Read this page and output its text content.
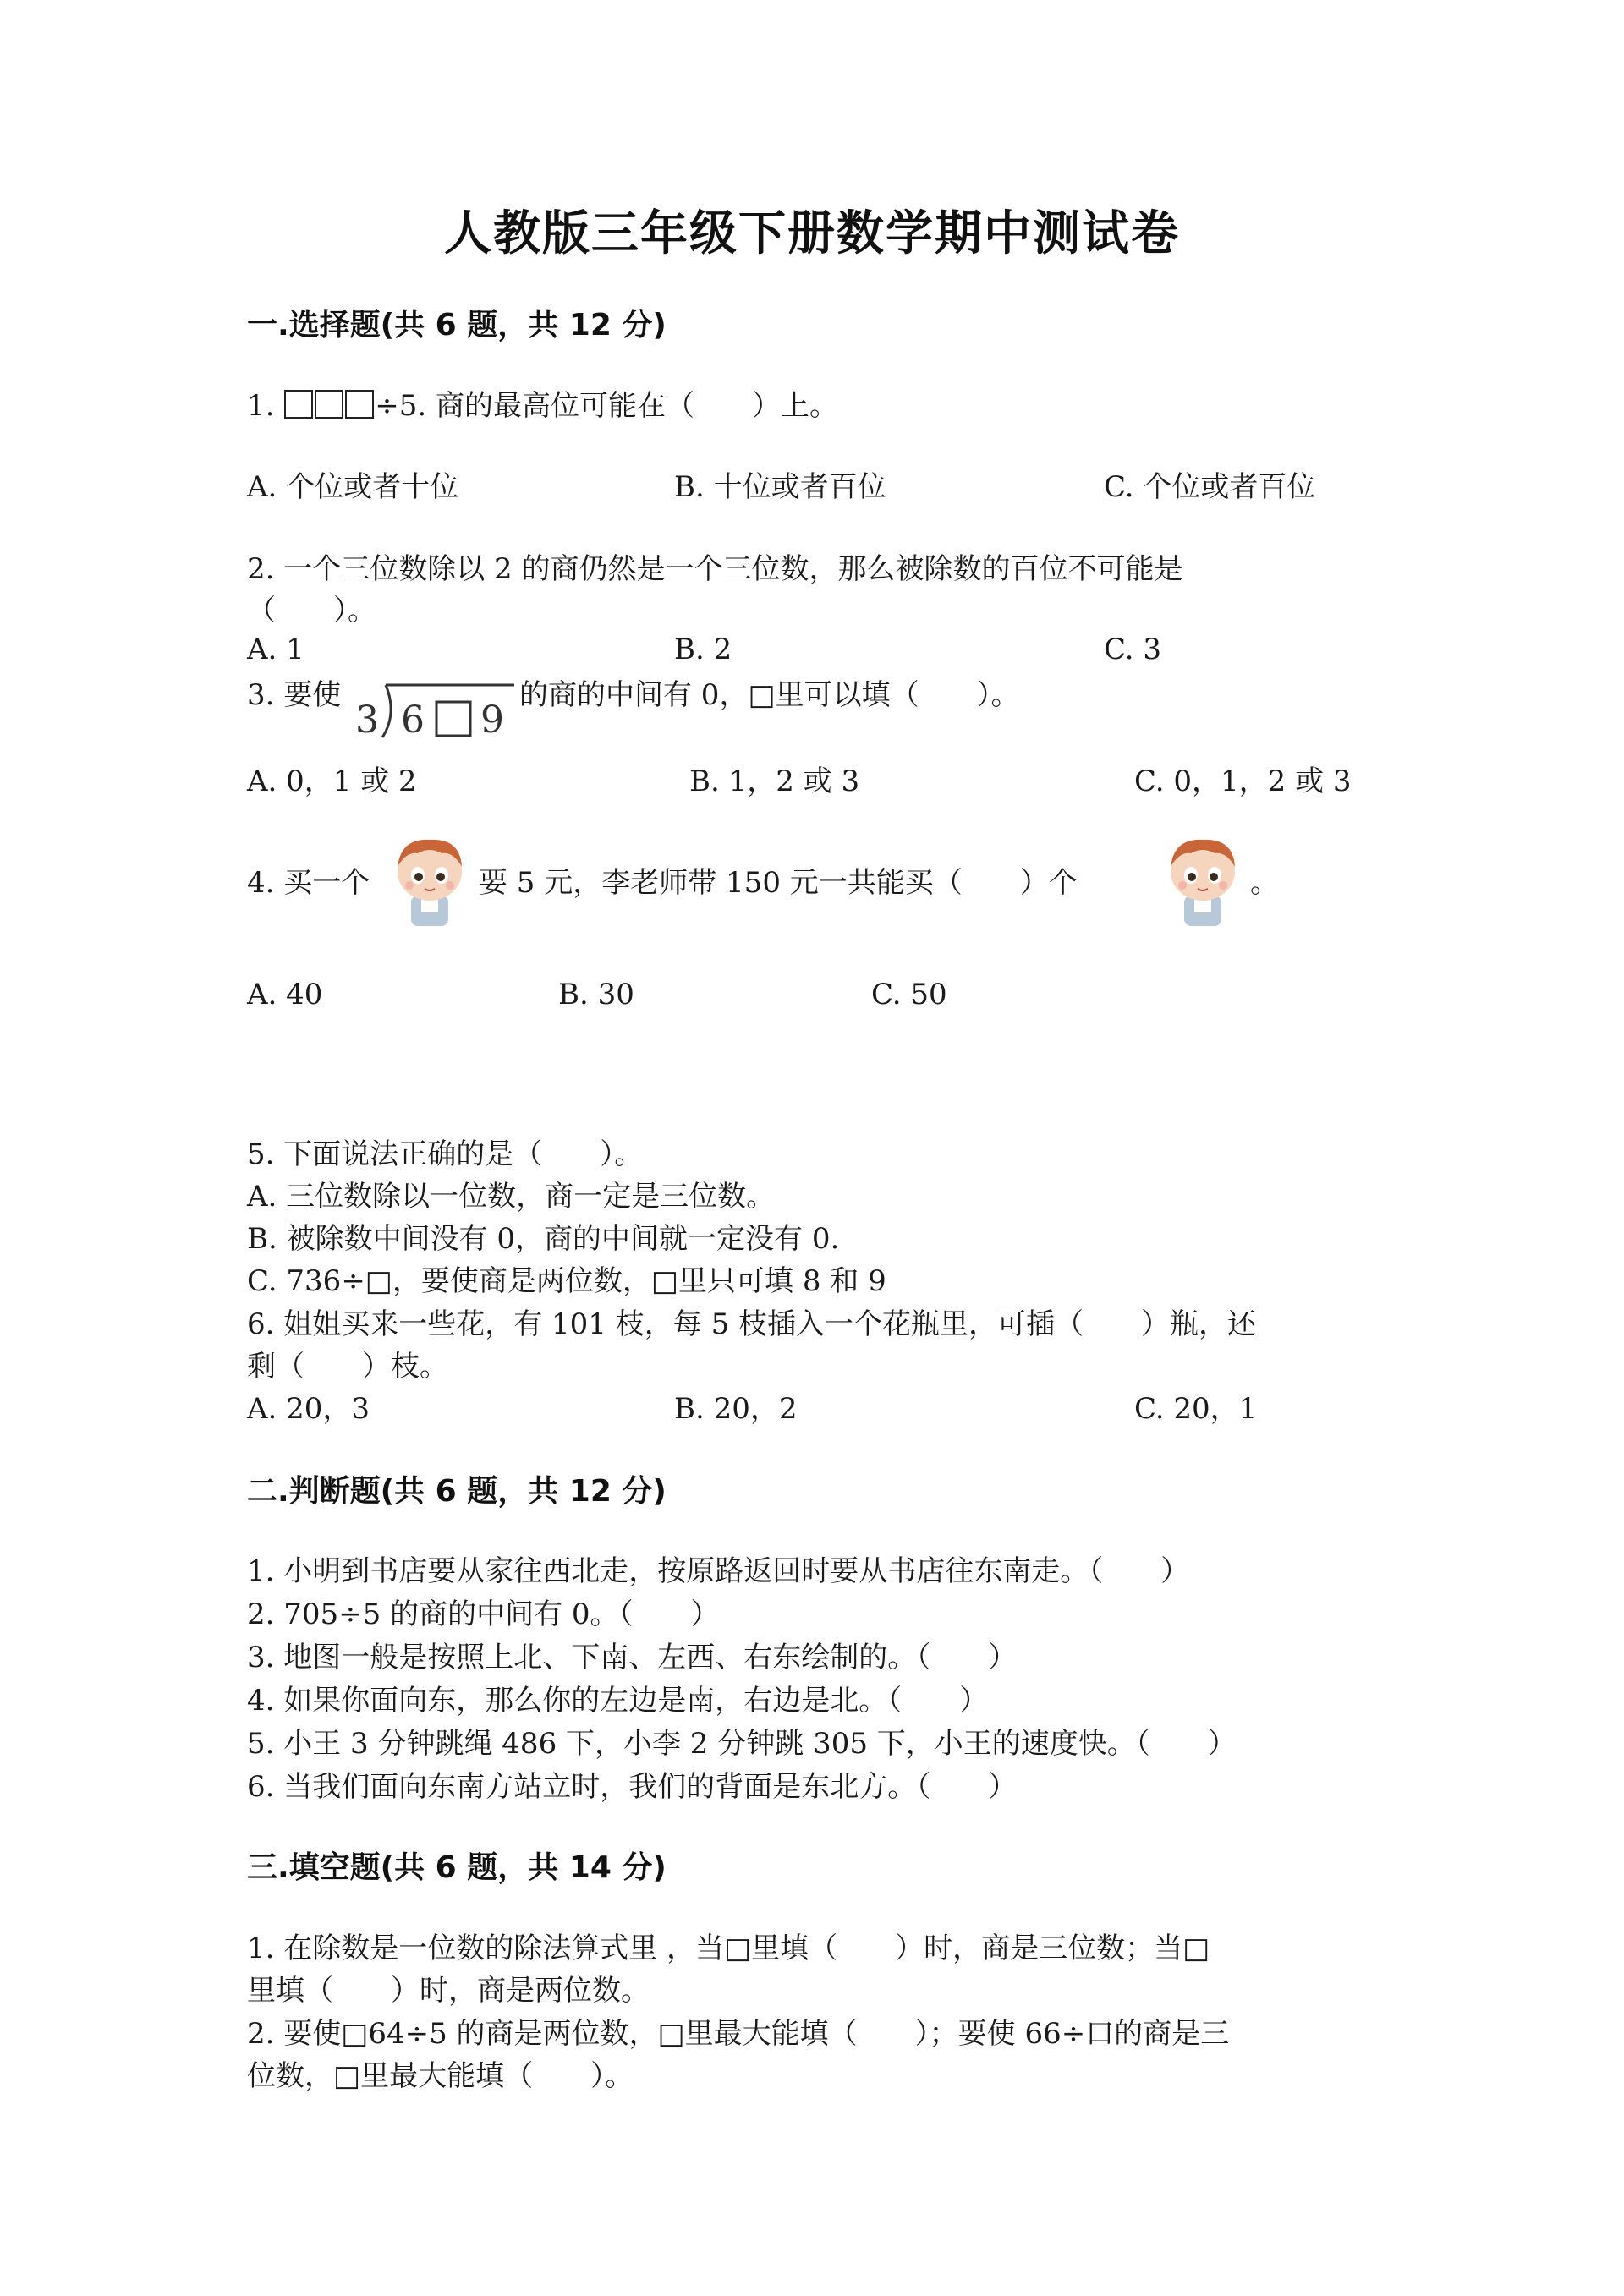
人教版三年级下册数学期中测试卷
一.选择题(共 6 题，共 12 分)
1.	÷5. 商的最高位可能在（　　）上。
A. 个位或者十位	B. 十位或者百位	C. 个位或者百位
2. 一个三位数除以 2 的商仍然是一个三位数，那么被除数的百位不可能是
（　　）。
A. 1	B. 2	C. 3
3. 要使
3 6 9
的商的中间有 0，□里可以填（　　）。
A. 0，1 或 2	B. 1，2 或 3	C. 0，1，2 或 3
4. 买一个	要 5 元，李老师带 150 元一共能买（　　）个	。
A. 40	B. 30	C. 50
5. 下面说法正确的是（　　）。
A. 三位数除以一位数，商一定是三位数。
B. 被除数中间没有 0，商的中间就一定没有 0.
C. 736÷□，要使商是两位数，□里只可填 8 和 9
6. 姐姐买来一些花，有 101 枝，每 5 枝插入一个花瓶里，可插（　　）瓶，还
剩（　　）枝。
A. 20，3	B. 20，2	C. 20，1
二.判断题(共 6 题，共 12 分)
1. 小明到书店要从家往西北走，按原路返回时要从书店往东南走。（　　）
2. 705÷5 的商的中间有 0。（　　）
3. 地图一般是按照上北、下南、左西、右东绘制的。（　　）
4. 如果你面向东，那么你的左边是南，右边是北。（　　）
5. 小王 3 分钟跳绳 486 下，小李 2 分钟跳 305 下，小王的速度快。（　　）
6. 当我们面向东南方站立时，我们的背面是东北方。（　　）
三.填空题(共 6 题，共 14 分)
1. 在除数是一位数的除法算式里 ，当□里填（　　）时，商是三位数；当□
里填（　　）时，商是两位数。
2. 要使□64÷5 的商是两位数，□里最大能填（　　）；要使 66÷口的商是三
位数，□里最大能填（　　）。
